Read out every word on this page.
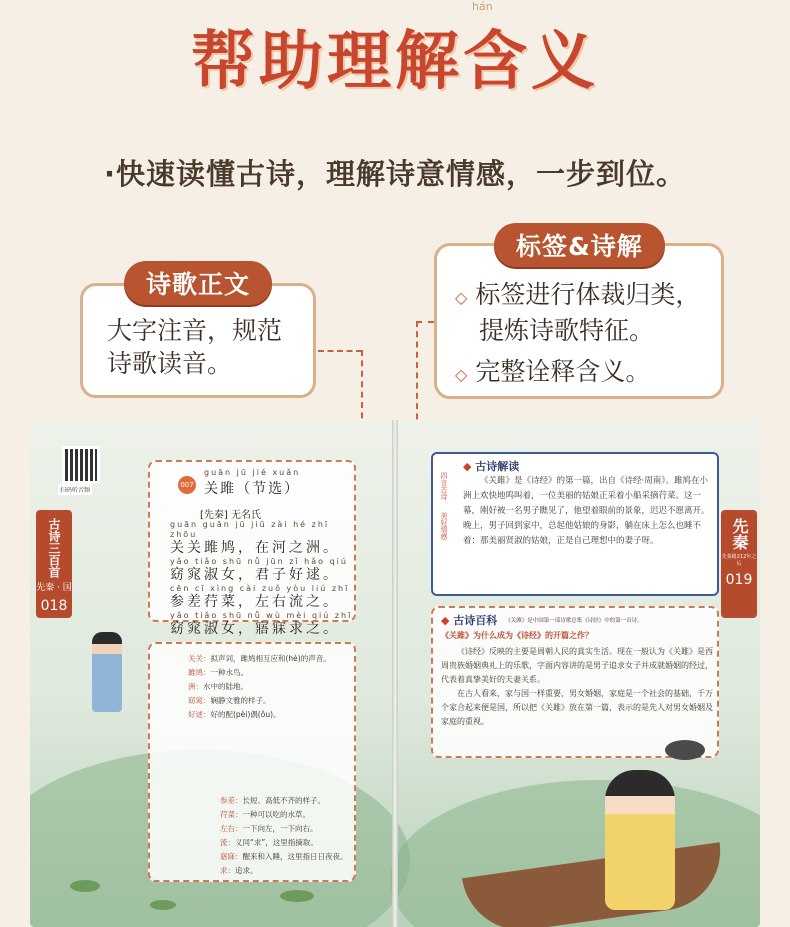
hán
帮助理解含义
·快速读懂古诗，理解诗意情感，一步到位。
大字注音，规范
诗歌读音。
诗歌正文	◇ 标签进行体裁归类，
提炼诗歌特征。
◇ 完整诠释含义。
标签&诗解
扫码听音频
古诗三百首
先秦 · 国
018
007
guān jū jié xuǎn
关雎（节选）
[先秦] 无名氏
guān guān jū jiū zài hé zhī zhōu
关关雎鸠，在河之洲。
yǎo tiǎo shū nǚ jūn zǐ hǎo qiú
窈窕淑女，君子好逑。
cēn cī xìng cài zuǒ yòu liú zhī
参差荇菜，左右流之。
yǎo tiǎo shū nǚ wù mèi qiú zhī
窈窕淑女，寤寐求之。
关关：拟声词，雎鸠相互应和(hè)的声音。
雎鸠：一种水鸟。
洲：水中的陆地。
窈窕：娴静文雅的样子。
好逑：好的配(pèi)偶(ǒu)。
参差：长短、高低不齐的样子。
荇菜：一种可以吃的水草。
左右：一下向左，一下向右。
流：义同“求”，这里指摘取。
寤寐：醒来和入睡，这里指日日夜夜。
求：追求。
先秦
先秦路212年之后
019
四言古诗
美好情感
◆ 古诗解读
《关雎》是《诗经》的第一篇，出自《诗经·周南》。雎鸠在小洲上欢快地鸣叫着，一位美丽的姑娘正采着小船采摘荇菜。这一幕，刚好被一名男子瞧见了，他望着眼前的景象，迟迟不愿离开。晚上，男子回到家中，总起他姑娘的身影，躺在床上怎么也睡不着：那美丽贤淑的姑娘，正是自己理想中的妻子呀。
◆ 古诗百科 《关雎》是中国第一部诗歌总集《诗经》中的第一首诗。
《关雎》为什么成为《诗经》的开篇之作？
《诗经》反映的主要是周朝人民的真实生活。现在一般认为《关雎》是西周贵族婚姻典礼上的乐歌，字面内容讲的是男子追求女子并成就婚姻的经过，代表着真挚美好的夫妻关系。
在古人看来，家与国一样重要，男女婚姻，家庭是一个社会的基础，千万个家合起来便是国，所以把《关雎》放在第一篇，表示的是先人对男女婚姻及家庭的重视。
